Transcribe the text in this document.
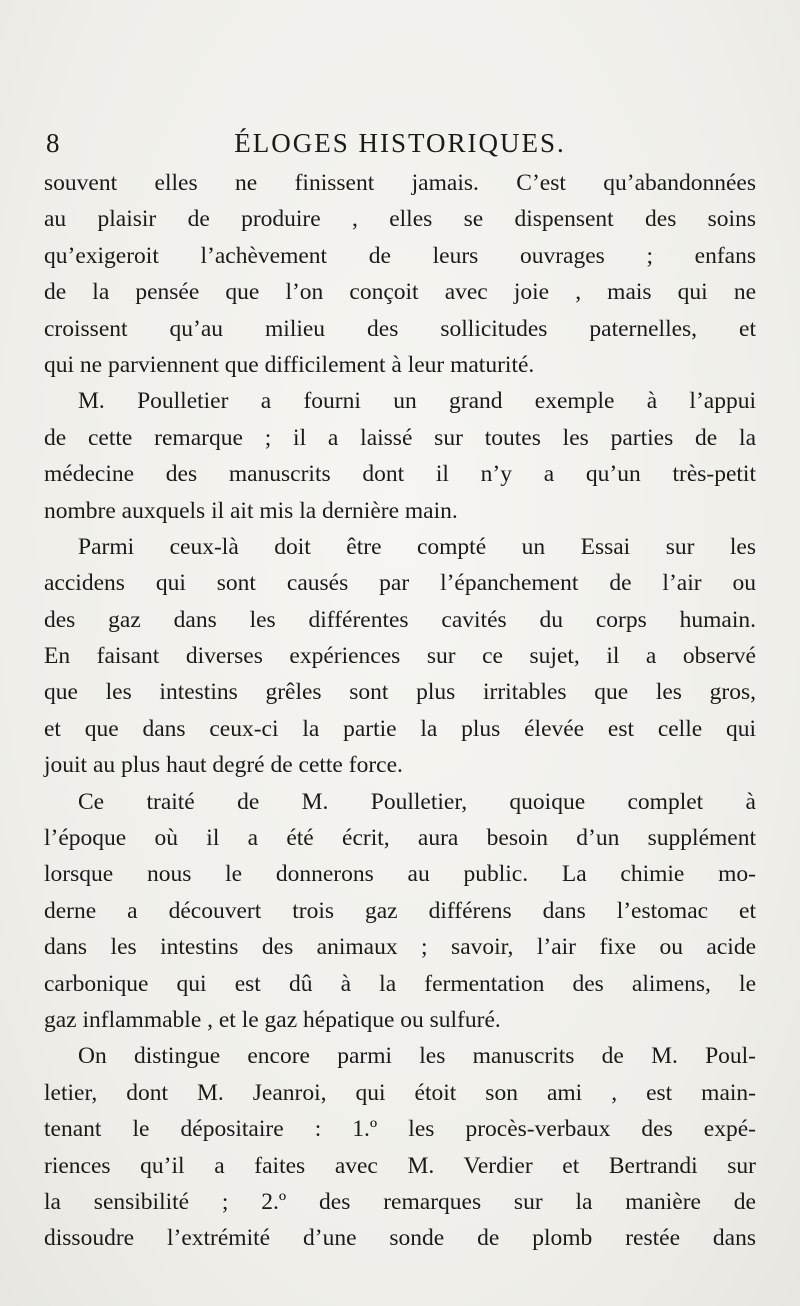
8	ÉLOGES HISTORIQUES.
souvent elles ne finissent jamais. C’est qu’abandonnées
au plaisir de produire , elles se dispensent des soins
qu’exigeroit l’achèvement de leurs ouvrages ; enfans
de la pensée que l’on conçoit avec joie , mais qui ne
croissent qu’au milieu des sollicitudes paternelles, et
qui ne parviennent que difficilement à leur maturité.
M. Poulletier a fourni un grand exemple à l’appui
de cette remarque ; il a laissé sur toutes les parties de la
médecine des manuscrits dont il n’y a qu’un très-petit
nombre auxquels il ait mis la dernière main.
Parmi ceux-là doit être compté un Essai sur les
accidens qui sont causés par l’épanchement de l’air ou
des gaz dans les différentes cavités du corps humain.
En faisant diverses expériences sur ce sujet, il a observé
que les intestins grêles sont plus irritables que les gros,
et que dans ceux-ci la partie la plus élevée est celle qui
jouit au plus haut degré de cette force.
Ce traité de M. Poulletier, quoique complet à
l’époque où il a été écrit, aura besoin d’un supplément
lorsque nous le donnerons au public. La chimie mo-
derne a découvert trois gaz différens dans l’estomac et
dans les intestins des animaux ; savoir, l’air fixe ou acide
carbonique qui est dû à la fermentation des alimens, le
gaz inflammable , et le gaz hépatique ou sulfuré.
On distingue encore parmi les manuscrits de M. Poul-
letier, dont M. Jeanroi, qui étoit son ami , est main-
tenant le dépositaire : 1.º les procès-verbaux des expé-
riences qu’il a faites avec M. Verdier et Bertrandi sur
la sensibilité ; 2.º des remarques sur la manière de
dissoudre l’extrémité d’une sonde de plomb restée dans
